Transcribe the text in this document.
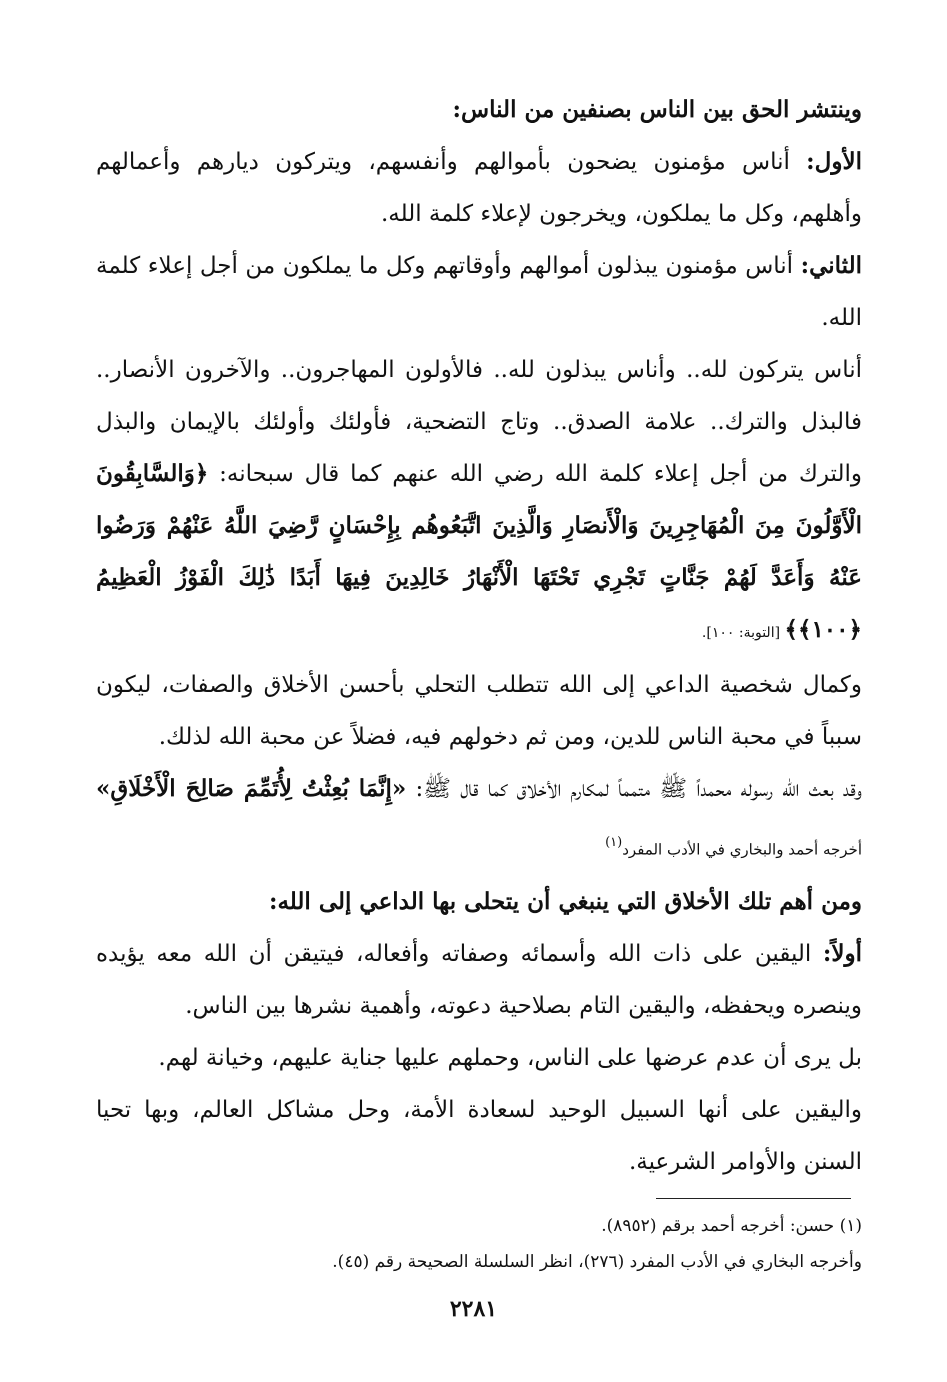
وينتشر الحق بين الناس بصنفين من الناس:

الأول: أناس مؤمنون يضحون بأموالهم وأنفسهم، ويتركون ديارهم وأعمالهم وأهلهم، وكل ما يملكون، ويخرجون لإعلاء كلمة الله.

الثاني: أناس مؤمنون يبذلون أموالهم وأوقاتهم وكل ما يملكون من أجل إعلاء كلمة الله.

أناس يتركون لله.. وأناس يبذلون لله.. فالأولون المهاجرون.. والآخرون الأنصار.. فالبذل والترك.. علامة الصدق.. وتاج التضحية، فأولئك وأولئك بالإيمان والبذل والترك من أجل إعلاء كلمة الله رضي الله عنهم كما قال سبحانه: ﴿وَالسَّابِقُونَ الْأَوَّلُونَ مِنَ الْمُهَاجِرِينَ وَالْأَنصَارِ وَالَّذِينَ اتَّبَعُوهُم بِإِحْسَانٍ رَّضِيَ اللَّهُ عَنْهُمْ وَرَضُوا عَنْهُ وَأَعَدَّ لَهُمْ جَنَّاتٍ تَجْرِي تَحْتَهَا الْأَنْهَارُ خَالِدِينَ فِيهَا أَبَدًا ذَٰلِكَ الْفَوْزُ الْعَظِيمُ ﴿١٠٠﴾﴾ [التوبة: ١٠٠].

وكمال شخصية الداعي إلى الله تتطلب التحلي بأحسن الأخلاق والصفات، ليكون سبباً في محبة الناس للدين، ومن ثم دخولهم فيه، فضلاً عن محبة الله لذلك.

وقد بعث الله رسوله محمداً ﷺ متمماً لمكارم الأخلاق كما قال ﷺ: «إِنَّمَا بُعِثْتُ لِأُتَمِّمَ صَالِحَ الْأَخْلَاقِ» أخرجه أحمد والبخاري في الأدب المفرد$^{(١)}$

ومن أهم تلك الأخلاق التي ينبغي أن يتحلى بها الداعي إلى الله:

أولاً: اليقين على ذات الله وأسمائه وصفاته وأفعاله، فيتيقن أن الله معه يؤيده وينصره ويحفظه، واليقين التام بصلاحية دعوته، وأهمية نشرها بين الناس.

بل يرى أن عدم عرضها على الناس، وحملهم عليها جناية عليهم، وخيانة لهم.

واليقين على أنها السبيل الوحيد لسعادة الأمة، وحل مشاكل العالم، وبها تحيا السنن والأوامر الشرعية.

(١) حسن: أخرجه أحمد برقم (٨٩٥٢).

وأخرجه البخاري في الأدب المفرد (٢٧٦)، انظر السلسلة الصحيحة رقم (٤٥).

٢٢٨١
